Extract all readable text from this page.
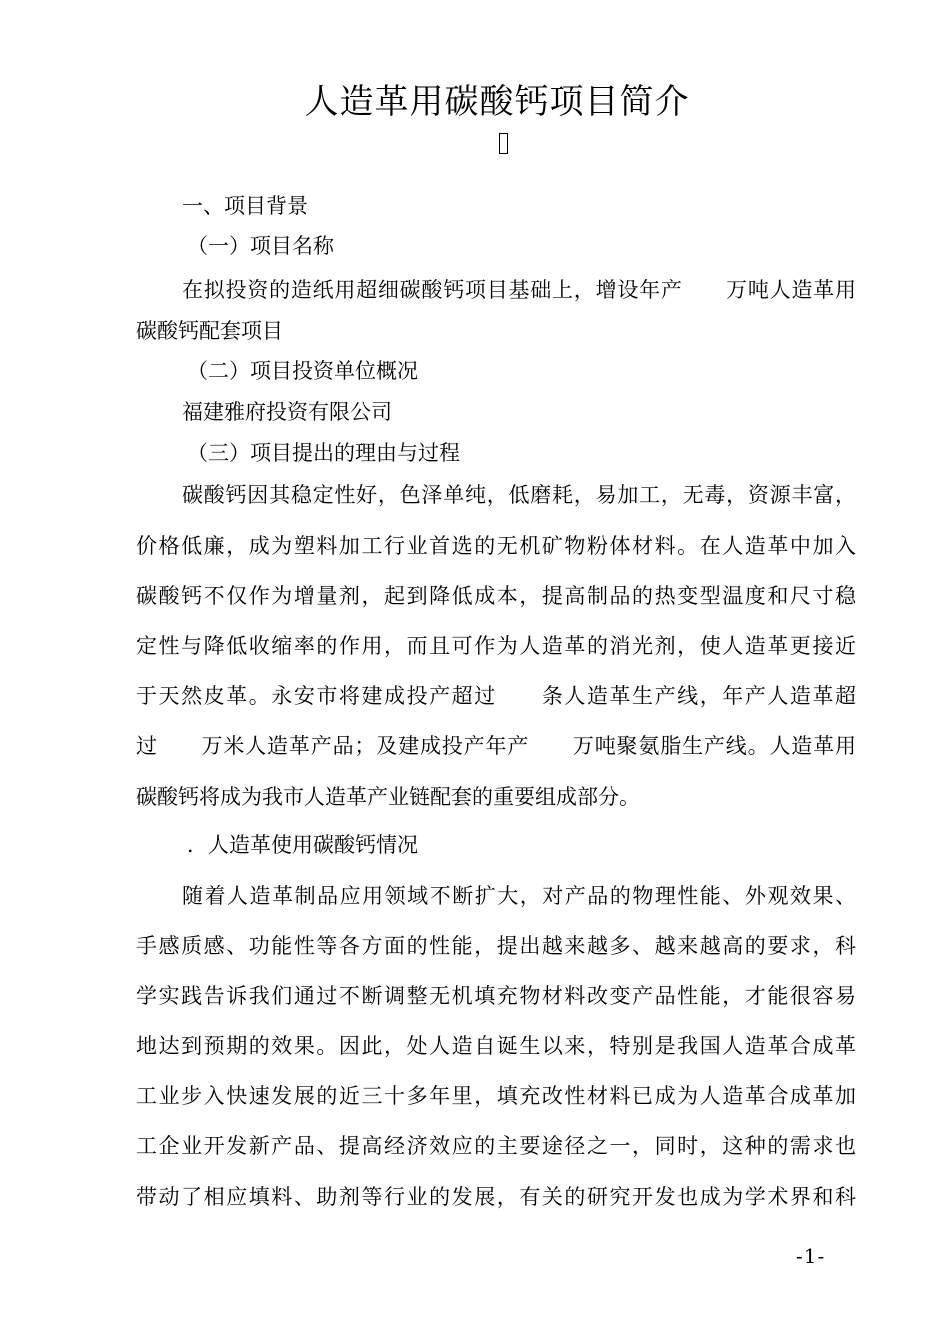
人造革用碳酸钙项目简介
一、项目背景
（一）项目名称
在拟投资的造纸用超细碳酸钙项目基础上，增设年产　　万吨人造革用
碳酸钙配套项目
（二）项目投资单位概况
福建雅府投资有限公司
（三）项目提出的理由与过程
碳酸钙因其稳定性好，色泽单纯，低磨耗，易加工，无毒，资源丰富，
价格低廉，成为塑料加工行业首选的无机矿物粉体材料。在人造革中加入
碳酸钙不仅作为增量剂，起到降低成本，提高制品的热变型温度和尺寸稳
定性与降低收缩率的作用，而且可作为人造革的消光剂，使人造革更接近
于天然皮革。永安市将建成投产超过　　条人造革生产线，年产人造革超
过　　万米人造革产品；及建成投产年产　　万吨聚氨脂生产线。人造革用
碳酸钙将成为我市人造革产业链配套的重要组成部分。
．人造革使用碳酸钙情况
随着人造革制品应用领域不断扩大，对产品的物理性能、外观效果、
手感质感、功能性等各方面的性能，提出越来越多、越来越高的要求，科
学实践告诉我们通过不断调整无机填充物材料改变产品性能，才能很容易
地达到预期的效果。因此，处人造自诞生以来，特别是我国人造革合成革
工业步入快速发展的近三十多年里，填充改性材料已成为人造革合成革加
工企业开发新产品、提高经济效应的主要途径之一，同时，这种的需求也
带动了相应填料、助剂等行业的发展，有关的研究开发也成为学术界和科
-1-
